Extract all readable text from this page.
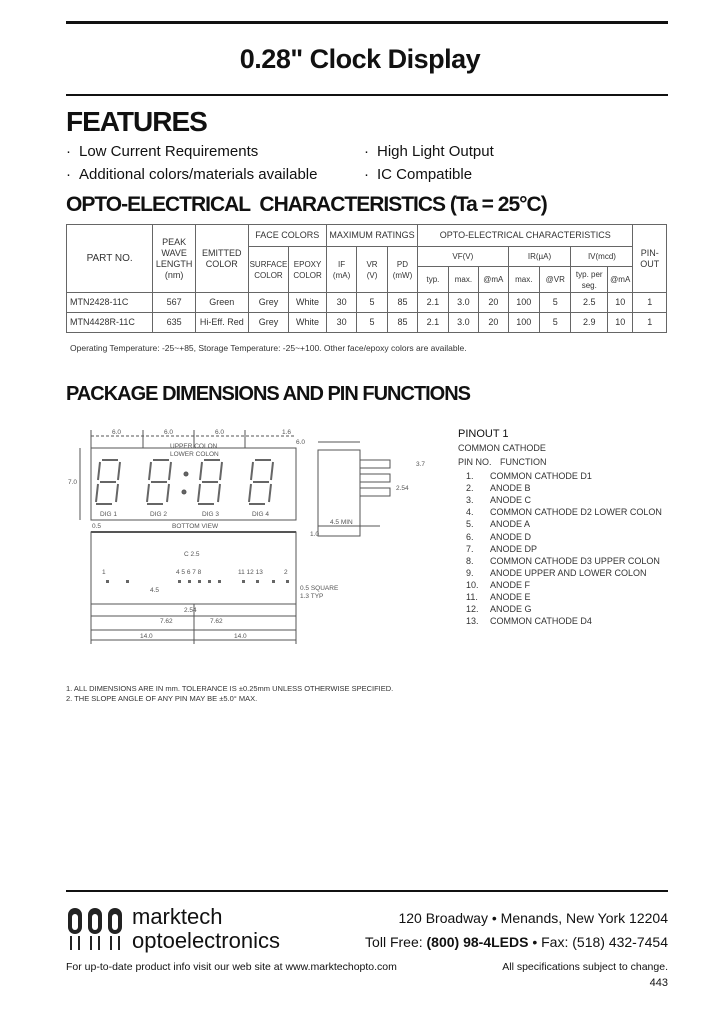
0.28" Clock Display
FEATURES
· Low Current Requirements	· High Light Output
· Additional colors/materials available	· IC Compatible
OPTO-ELECTRICAL  CHARACTERISTICS (Ta = 25°C)
PART NO.	PEAK
WAVE
LENGTH
(nm)	EMITTED
COLOR	FACE COLORS		MAXIMUM RATINGS			OPTO-ELECTRICAL CHARACTERISTICS							PIN-
OUT
			SURFACE
COLOR	EPOXY
COLOR	IF
(mA)	VR
(V)	PD
(mW)	VF(V)			IR(µA)		IV(mcd)		
								typ.	max.	@mA	max.	@VR	typ. per
seg.	@mA	
MTN2428-11C	567	Green	Grey	White	30	5	85	2.1	3.0	20	100	5	2.5	10	1
MTN4428R-11C	635	Hi-Eff. Red	Grey	White	30	5	85	2.1	3.0	20	100	5	2.9	10	1
Operating Temperature: -25~+85, Storage Temperature: -25~+100. Other face/epoxy colors are available.
PACKAGE DIMENSIONS AND PIN FUNCTIONS
6.0	6.0	6.0	1.6
UPPER COLON
LOWER COLON
7.0
6.0
2.54
3.7
4.5 MIN
DIG 1	DIG 2	DIG 3	DIG 4
0.5	BOTTOM VIEW
C 2.5
1.0
1	4 5 6 7 8	11 12 13	2
0.5 SQUARE
1.3 TYP
4.5
2.54
7.62	7.62
14.0	14.0
PINOUT 1
COMMON CATHODE
PIN NO. FUNCTION
1. COMMON CATHODE D1
2. ANODE B
3. ANODE C
4. COMMON CATHODE D2 LOWER COLON
5. ANODE A
6. ANODE D
7. ANODE DP
8. COMMON CATHODE D3 UPPER COLON
9. ANODE UPPER AND LOWER COLON
10. ANODE F
11. ANODE E
12. ANODE G
13. COMMON CATHODE D4
1. ALL DIMENSIONS ARE IN mm. TOLERANCE IS ±0.25mm UNLESS OTHERWISE SPECIFIED.
2. THE SLOPE ANGLE OF ANY PIN MAY BE ±5.0° MAX.
marktech
optoelectronics
120 Broadway • Menands, New York 12204
Toll Free: (800) 98-4LEDS • Fax: (518) 432-7454
For up-to-date product info visit our web site at www.marktechopto.com	All specifications subject to change.
443
